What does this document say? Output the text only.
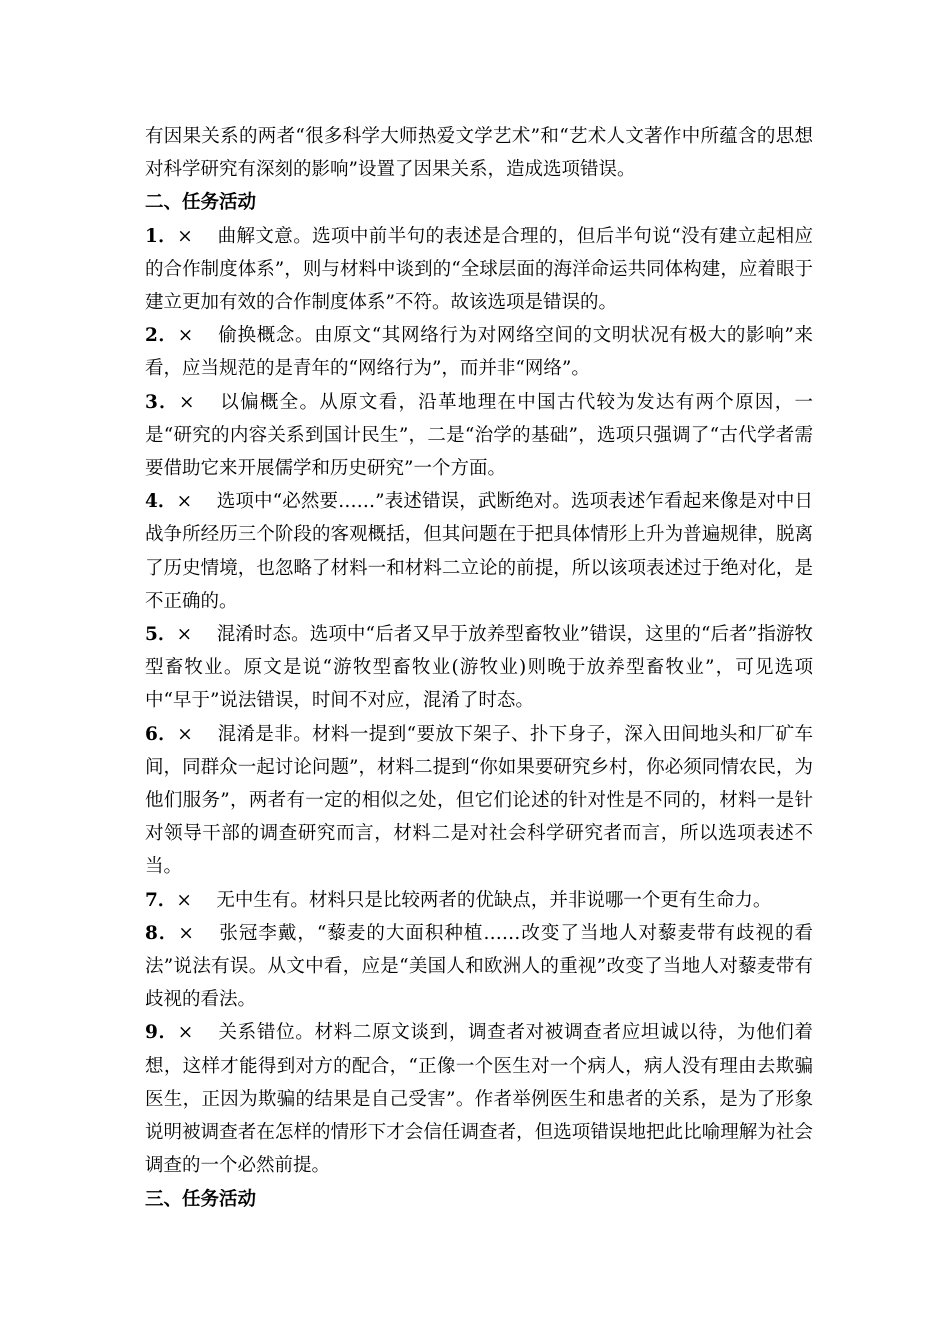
有因果关系的两者“很多科学大师热爱文学艺术”和“艺术人文著作中所蕴含的思想对科学研究有深刻的影响”设置了因果关系，造成选项错误。

二、任务活动

1．× 曲解文意。选项中前半句的表述是合理的，但后半句说“没有建立起相应的合作制度体系”，则与材料中谈到的“全球层面的海洋命运共同体构建，应着眼于建立更加有效的合作制度体系”不符。故该选项是错误的。

2．× 偷换概念。由原文“其网络行为对网络空间的文明状况有极大的影响”来看，应当规范的是青年的“网络行为”，而并非“网络”。

3．× 以偏概全。从原文看，沿革地理在中国古代较为发达有两个原因，一是“研究的内容关系到国计民生”，二是“治学的基础”，选项只强调了“古代学者需要借助它来开展儒学和历史研究”一个方面。

4．× 选项中“必然要……”表述错误，武断绝对。选项表述乍看起来像是对中日战争所经历三个阶段的客观概括，但其问题在于把具体情形上升为普遍规律，脱离了历史情境，也忽略了材料一和材料二立论的前提，所以该项表述过于绝对化，是不正确的。

5．× 混淆时态。选项中“后者又早于放养型畜牧业”错误，这里的“后者”指游牧型畜牧业。原文是说“游牧型畜牧业(游牧业)则晚于放养型畜牧业”，可见选项中“早于”说法错误，时间不对应，混淆了时态。

6．× 混淆是非。材料一提到“要放下架子、扑下身子，深入田间地头和厂矿车间，同群众一起讨论问题”，材料二提到“你如果要研究乡村，你必须同情农民，为他们服务”，两者有一定的相似之处，但它们论述的针对性是不同的，材料一是针对领导干部的调查研究而言，材料二是对社会科学研究者而言，所以选项表述不当。

7．× 无中生有。材料只是比较两者的优缺点，并非说哪一个更有生命力。

8．× 张冠李戴，“藜麦的大面积种植……改变了当地人对藜麦带有歧视的看法”说法有误。从文中看，应是“美国人和欧洲人的重视”改变了当地人对藜麦带有歧视的看法。

9．× 关系错位。材料二原文谈到，调查者对被调查者应坦诚以待，为他们着想，这样才能得到对方的配合，“正像一个医生对一个病人，病人没有理由去欺骗医生，正因为欺骗的结果是自己受害”。作者举例医生和患者的关系，是为了形象说明被调查者在怎样的情形下才会信任调查者，但选项错误地把此比喻理解为社会调查的一个必然前提。

三、任务活动
